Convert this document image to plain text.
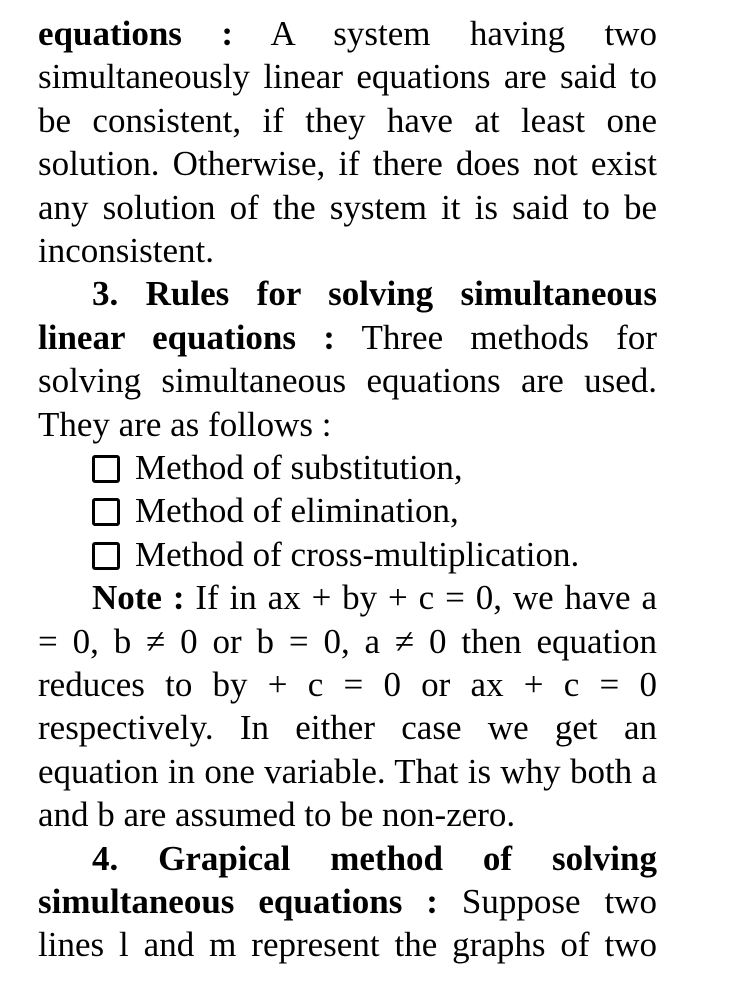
equations : A system having two simultaneously linear equations are said to be consistent, if they have at least one solution. Otherwise, if there does not exist any solution of the system it is said to be inconsistent.

3. Rules for solving simultaneous linear equations : Three methods for solving simultaneous equations are used. They are as follows :

Method of substitution,
Method of elimination,
Method of cross-multiplication.

Note : If in ax + by + c = 0, we have a = 0, b ≠ 0 or b = 0, a ≠ 0 then equation reduces to by + c = 0 or ax + c = 0 respectively. In either case we get an equation in one variable. That is why both a and b are assumed to be non-zero.

4. Grapical method of solving simultaneous equations : Suppose two lines l and m represent the graphs of two
